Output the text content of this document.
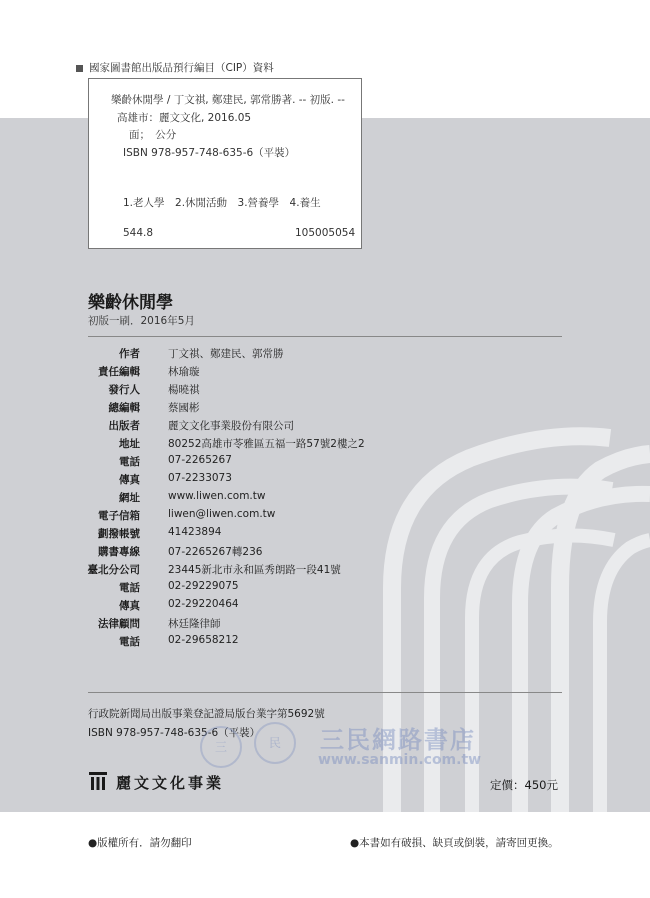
國家圖書館出版品預行編目（CIP）資料
樂齡休閒學 / 丁文祺, 鄭建民, 郭常勝著. -- 初版. --
高雄市：麗文文化, 2016.05
面；　公分
ISBN 978-957-748-635-6（平裝）
1.老人學　2.休閒活動　3.營養學　4.養生
544.8	105005054
樂齡休閒學
初版一刷．2016年5月
作者	丁文祺、鄭建民、郭常勝
責任編輯	林瑜璇
發行人	楊曉祺
總編輯	蔡國彬
出版者	麗文文化事業股份有限公司
地址	80252高雄市苓雅區五福一路57號2樓之2
電話	07-2265267
傳真	07-2233073
網址	www.liwen.com.tw
電子信箱	liwen@liwen.com.tw
劃撥帳號	41423894
購書專線	07-2265267轉236
臺北分公司	23445新北市永和區秀朗路一段41號
電話	02-29229075
傳真	02-29220464
法律顧問	林廷隆律師
電話	02-29658212
行政院新聞局出版事業登記證局版台業字第5692號
ISBN 978-957-748-635-6（平裝）
三	民	三民網路書店
www.sanmin.com.tw
麗文文化事業	定價：450元
●版權所有．請勿翻印	●本書如有破損、缺頁或倒裝，請寄回更換。
